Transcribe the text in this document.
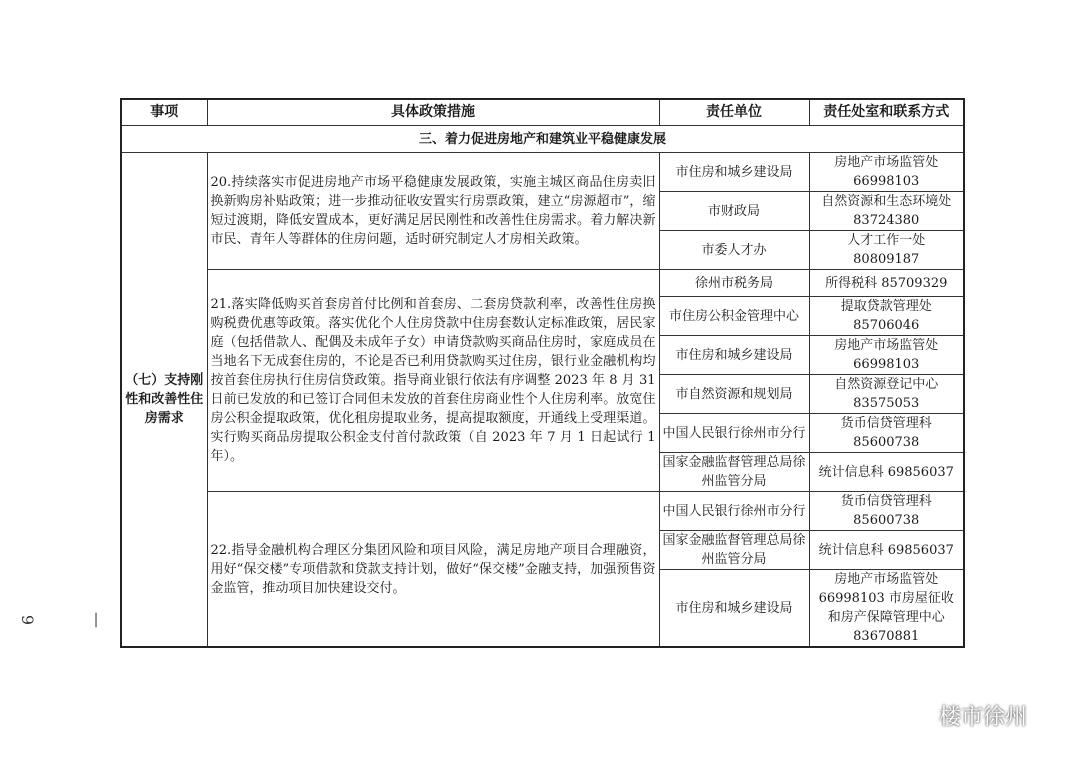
事项	具体政策措施	责任单位	责任处室和联系方式
三、着力促进房地产和建筑业平稳健康发展			
（七）支持刚性和改善性住房需求	20.持续落实市促进房地产市场平稳健康发展政策，实施主城区商品住房卖旧换新购房补贴政策；进一步推动征收安置实行房票政策，建立“房源超市”，缩短过渡期，降低安置成本，更好满足居民刚性和改善性住房需求。着力解决新市民、青年人等群体的住房问题，适时研究制定人才房相关政策。	市住房和城乡建设局	房地产市场监管处 66998103
		市财政局	自然资源和生态环境处 83724380
		市委人才办	人才工作一处 80809187
	21.落实降低购买首套房首付比例和首套房、二套房贷款利率，改善性住房换购税费优惠等政策。落实优化个人住房贷款中住房套数认定标准政策，居民家庭（包括借款人、配偶及未成年子女）申请贷款购买商品住房时，家庭成员在当地名下无成套住房的，不论是否已利用贷款购买过住房，银行业金融机构均按首套住房执行住房信贷政策。指导商业银行依法有序调整 2023 年 8 月 31 日前已发放的和已签订合同但未发放的首套住房商业性个人住房利率。放宽住房公积金提取政策，优化租房提取业务，提高提取额度，开通线上受理渠道。实行购买商品房提取公积金支付首付款政策（自 2023 年 7 月 1 日起试行 1 年）。	徐州市税务局	所得税科 85709329
		市住房公积金管理中心	提取贷款管理处 85706046
		市住房和城乡建设局	房地产市场监管处 66998103
		市自然资源和规划局	自然资源登记中心 83575053
		中国人民银行徐州市分行	货币信贷管理科 85600738
		国家金融监督管理总局徐州监管分局	统计信息科 69856037
	22.指导金融机构合理区分集团风险和项目风险，满足房地产项目合理融资，用好“保交楼”专项借款和贷款支持计划，做好“保交楼”金融支持，加强预售资金监管，推动项目加快建设交付。	中国人民银行徐州市分行	货币信贷管理科 85600738
		国家金融监督管理总局徐州监管分局	统计信息科 69856037
		市住房和城乡建设局	房地产市场监管处 66998103 市房屋征收和房产保障管理中心 83670881
— 9
楼市徐州
